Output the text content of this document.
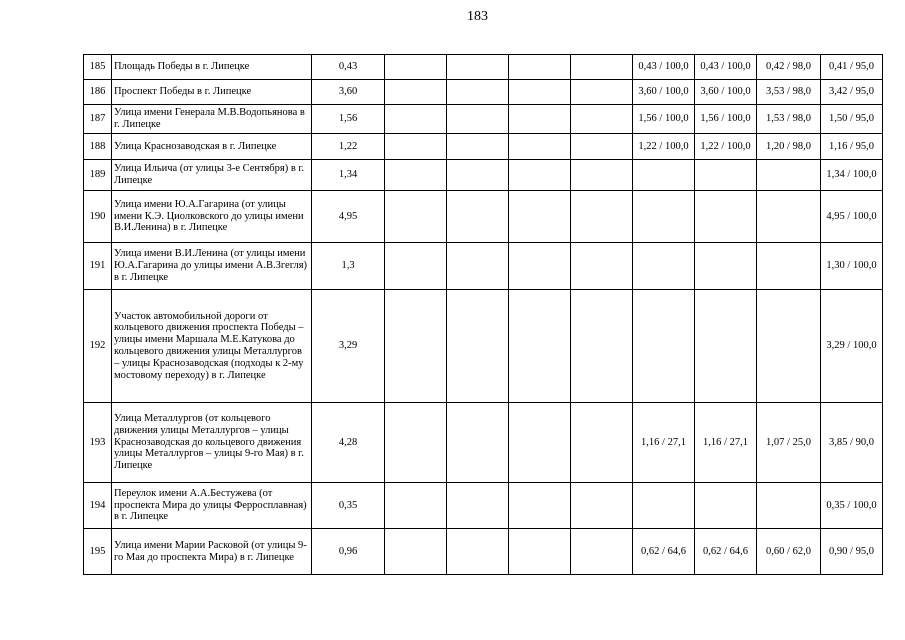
183
185	Площадь Победы в г. Липецке	0,43					0,43 / 100,0	0,43 / 100,0	0,42 / 98,0	0,41 / 95,0
186	Проспект Победы в г. Липецке	3,60					3,60 / 100,0	3,60 / 100,0	3,53 / 98,0	3,42 / 95,0
187	Улица имени Генерала М.В.Водопьянова в г. Липецке	1,56					1,56 / 100,0	1,56 / 100,0	1,53 / 98,0	1,50 / 95,0
188	Улица Краснозаводская в г. Липецке	1,22					1,22 / 100,0	1,22 / 100,0	1,20 / 98,0	1,16 / 95,0
189	Улица Ильича (от улицы 3-е Сентября) в г. Липецке	1,34								1,34 / 100,0
190	Улица имени Ю.А.Гагарина (от улицы имени К.Э. Циолковского до улицы имени В.И.Ленина) в г. Липецке	4,95								4,95 / 100,0
191	Улица имени В.И.Ленина (от улицы имени Ю.А.Гагарина до улицы имени А.В.Згегля) в г. Липецке	1,3								1,30 / 100,0
192	Участок автомобильной дороги от кольцевого движения проспекта Победы – улицы имени Маршала М.Е.Катукова до кольцевого движения улицы Металлургов – улицы Краснозаводская (подходы к 2-му мостовому переходу) в г. Липецке	3,29								3,29 / 100,0
193	Улица Металлургов (от кольцевого движения улицы Металлургов – улицы Краснозаводская до кольцевого движения улицы Металлургов – улицы 9-го Мая) в г. Липецке	4,28					1,16 / 27,1	1,16 / 27,1	1,07 / 25,0	3,85 / 90,0
194	Переулок имени А.А.Бестужева (от проспекта Мира до улицы Ферросплавная) в г. Липецке	0,35								0,35 / 100,0
195	Улица имени Марии Расковой (от улицы 9-го Мая до проспекта Мира) в г. Липецке	0,96					0,62 / 64,6	0,62 / 64,6	0,60 / 62,0	0,90 / 95,0
